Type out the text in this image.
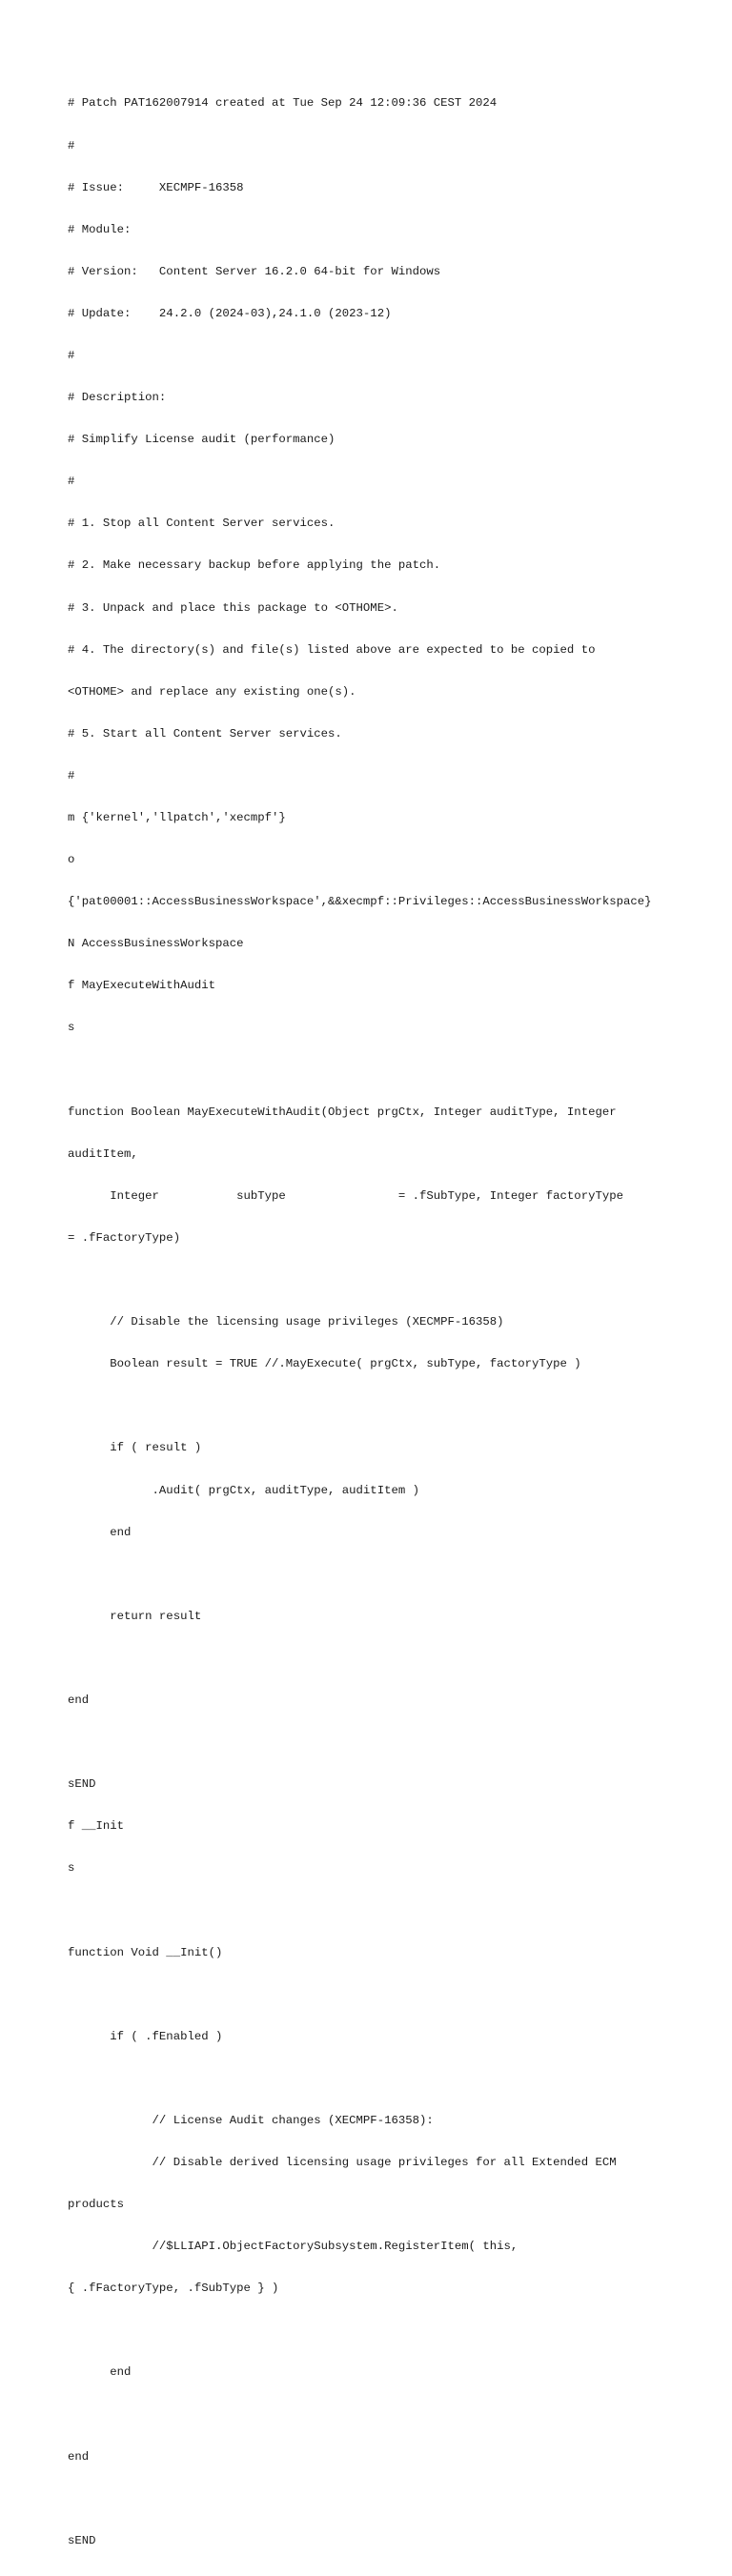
# Patch PAT162007914 created at Tue Sep 24 12:09:36 CEST 2024

#

# Issue:     XECMPF-16358

# Module:

# Version:   Content Server 16.2.0 64-bit for Windows

# Update:    24.2.0 (2024-03),24.1.0 (2023-12)

#

# Description:

# Simplify License audit (performance)

#

# 1. Stop all Content Server services.

# 2. Make necessary backup before applying the patch.

# 3. Unpack and place this package to <OTHOME>.

# 4. The directory(s) and file(s) listed above are expected to be copied to

<OTHOME> and replace any existing one(s).

# 5. Start all Content Server services.

#

m {'kernel','llpatch','xecmpf'}

o

{'pat00001::AccessBusinessWorkspace',&&xecmpf::Privileges::AccessBusinessWorkspace}

N AccessBusinessWorkspace

f MayExecuteWithAudit

s

function Boolean MayExecuteWithAudit(Object prgCtx, Integer auditType, Integer

auditItem,

Integer           subType                = .fSubType, Integer factoryType

= .fFactoryType)

// Disable the licensing usage privileges (XECMPF-16358)

Boolean result = TRUE //.MayExecute( prgCtx, subType, factoryType )

if ( result )

.Audit( prgCtx, auditType, auditItem )

end

return result

end

sEND

f __Init

s

function Void __Init()

if ( .fEnabled )

// License Audit changes (XECMPF-16358):

// Disable derived licensing usage privileges for all Extended ECM

products

//$LLIAPI.ObjectFactorySubsystem.RegisterItem( this,

{ .fFactoryType, .fSubType } )

end

end

sEND
